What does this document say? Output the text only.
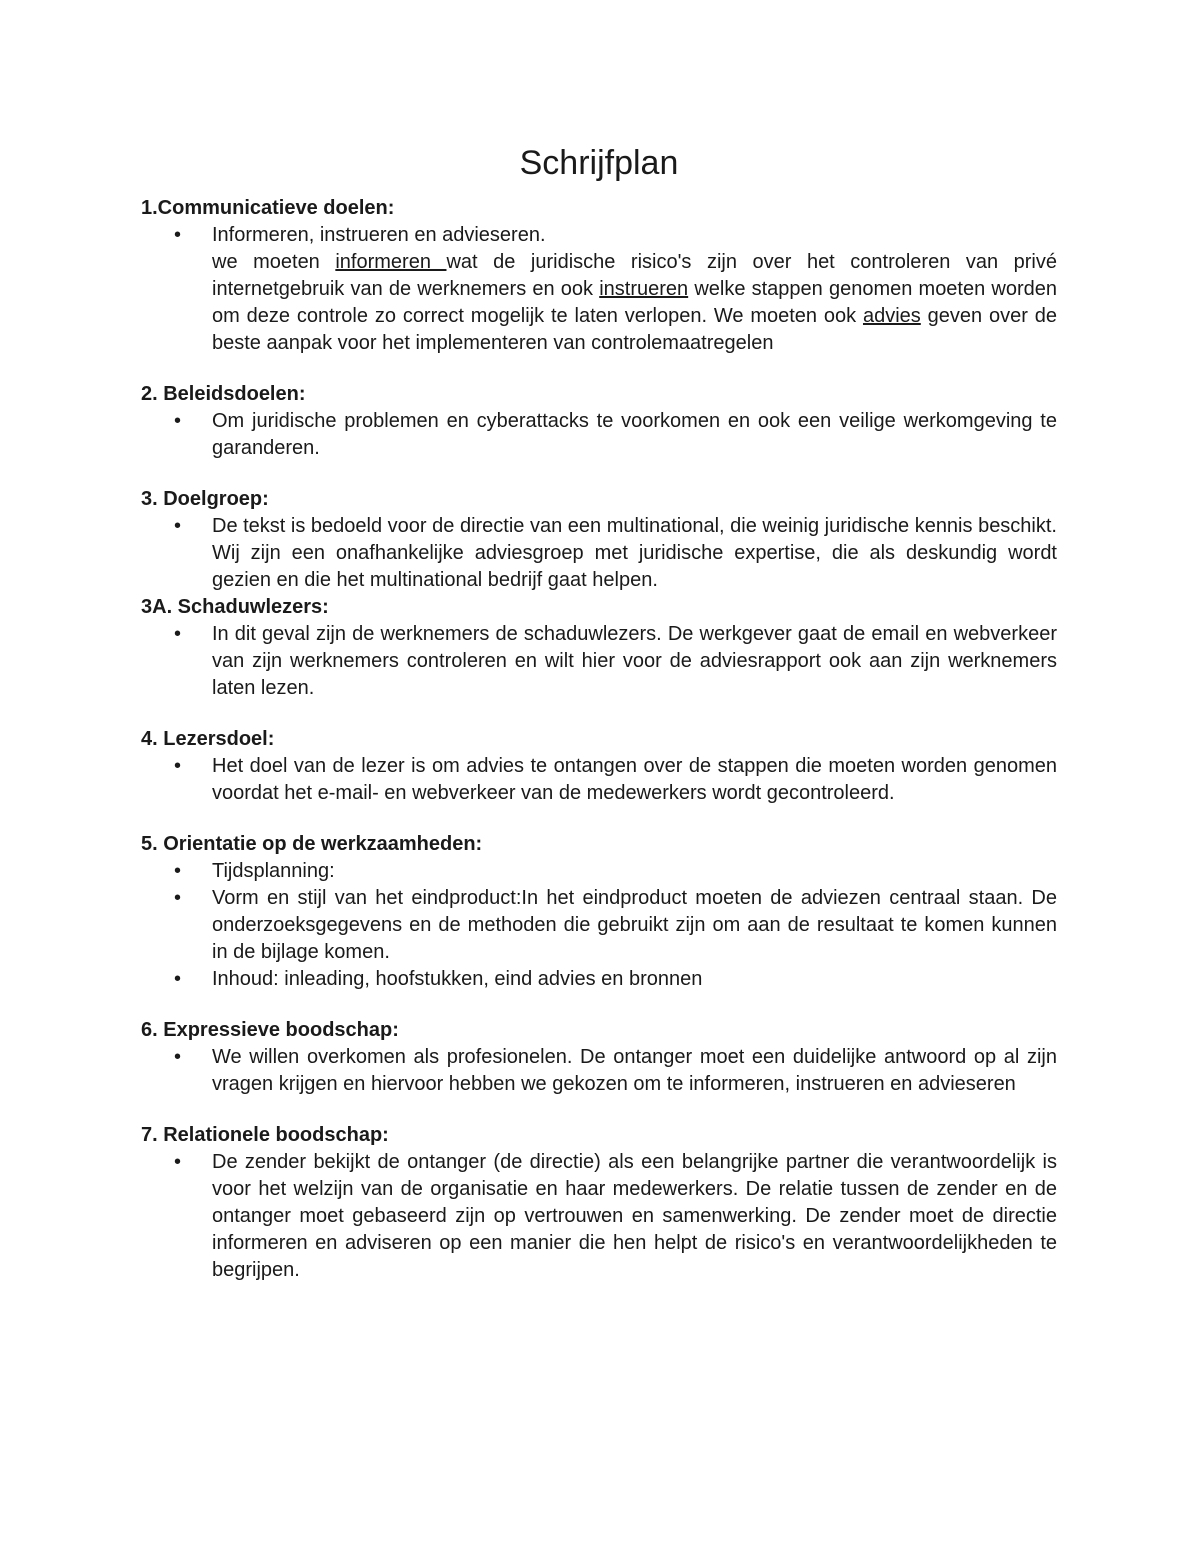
Schrijfplan

1.Communicatieve doelen:

• Informeren, instrueren en advieseren.
we moeten informeren wat de juridische risico's zijn over het controleren van privé internetgebruik van de werknemers en ook instrueren welke stappen genomen moeten worden om deze controle zo correct mogelijk te laten verlopen. We moeten ook advies geven over de beste aanpak voor het implementeren van controlemaatregelen

2. Beleidsdoelen:

• Om juridische problemen en cyberattacks te voorkomen en ook een veilige werkomgeving te garanderen.

3. Doelgroep:

• De tekst is bedoeld voor de directie van een multinational, die weinig juridische kennis beschikt. Wij zijn een onafhankelijke adviesgroep met juridische expertise, die als deskundig wordt gezien en die het multinational bedrijf gaat helpen.

3A. Schaduwlezers:

• In dit geval zijn de werknemers de schaduwlezers. De werkgever gaat de email en webverkeer van zijn werknemers controleren en wilt hier voor de adviesrapport ook aan zijn werknemers laten lezen.

4. Lezersdoel:

• Het doel van de lezer is om advies te ontangen over de stappen die moeten worden genomen voordat het e-mail- en webverkeer van de medewerkers wordt gecontroleerd.

5. Orientatie op de werkzaamheden:

• Tijdsplanning:
• Vorm en stijl van het eindproduct:In het eindproduct moeten de adviezen centraal staan. De onderzoeksgegevens en de methoden die gebruikt zijn om aan de resultaat te komen kunnen in de bijlage komen.
• Inhoud: inleading, hoofstukken, eind advies en bronnen

6. Expressieve boodschap:

• We willen overkomen als profesionelen. De ontanger moet een duidelijke antwoord op al zijn vragen krijgen en hiervoor hebben we gekozen om te informeren, instrueren en advieseren

7. Relationele boodschap:

• De zender bekijkt de ontanger (de directie) als een belangrijke partner die verantwoordelijk is voor het welzijn van de organisatie en haar medewerkers. De relatie tussen de zender en de ontanger moet gebaseerd zijn op vertrouwen en samenwerking. De zender moet de directie informeren en adviseren op een manier die hen helpt de risico's en verantwoordelijkheden te begrijpen.
